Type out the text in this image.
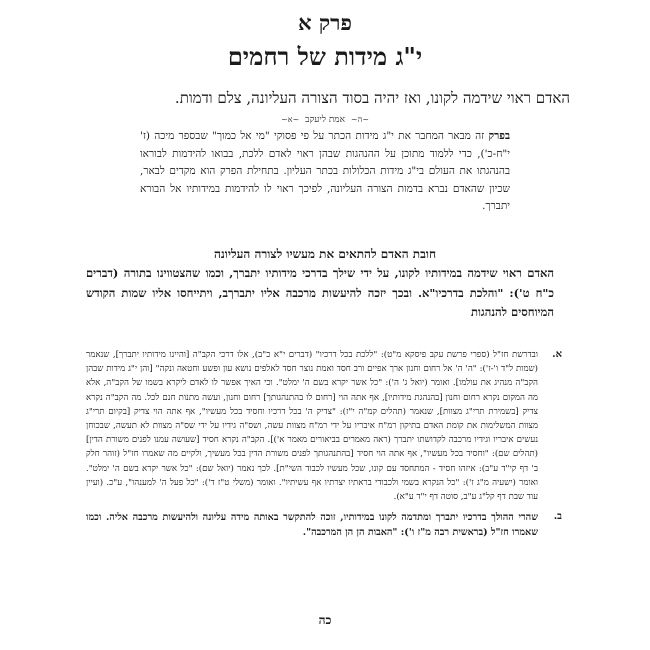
פרק א
י"ג מידות של רחמים
האדם ראוי שידמה לקונו, ואז יהיה בסוד הצורה העליונה, צלם ודמות.
~ה~ אמת ליעקב ~א~
בפרק זה מבאר המחבר את י"ג מידות הכתר על פי פסוקי "מי אל כמוך" שבספר מיכה (ז' י"ח-כ'), כדי ללמוד מתוכן על ההנהגות שבהן ראוי לאדם ללכת, בבואו להידמות לבוראו בהנהגתו את העולם בי"ג מידות הכלולות בכתר העליון. בתחילת הפרק הוא מקדים לבאר, שכיון שהאדם נברא בדמות הצורה העליונה, לפיכך ראוי לו להידמות במידותיו אל הבורא יתברך.
חובת האדם להתאים את מעשיו לצורה העליונה
האדם ראוי שידמה במידותיו לקונו, על ידי שילך בדרכי מידותיו יתברך, וכמו שהצטווינו בתורה (דברים כ"ח ט'): "והלכת בדרכיו"א. ובכך יזכה להיעשות מרכבה אליו יתברךב, ויתייחסו אליו שמות הקודש המיוחסים להנהגות

א.
ובדרשת חז"ל (ספרי פרשת עקב פיסקא מ"ט): "ללכת בכל דרכיו" (דברים י"א כ"ב), אלו דרכי הקב"ה [והיינו מידותיו יתברך], שנאמר (שמות ל"ד ו'-ז'): "ה' ה' אל רחום וחנון ארך אפיים ורב חסד ואמת נוצר חסד לאלפים נושא עון ופשע וחטאה ונקה" [והן י"ג מידות שבהן הקב"ה מנהיג את עולמו]. ואומר (יואל ג' ה'): "כל אשר יקרא בשם ה' ימלט". וכי האיך אפשר לו לאדם ליקרא בשמו של הקב"ה, אלא מה המקום נקרא רחום וחנון [בהנהגת מידותיו], אף אתה הוי [רחום לו בהתנהגותך] רחום וחנון, ועשה מתנות חנם לכל. מה הקב"ה נקרא צדיק [בשמירת תרי"ג מצוות], שנאמר (תהלים קמ"ה י"ז): "צדיק ה' בכל דרכיו וחסיד בכל מעשיו", אף אתה הוי צדיק [בקיום תרי"ג מצוות המשלימות את קומת האדם בתיקון רמ"ח איבריו על ידי רמ"ח מצוות עשה, ושס"ה גידיו על ידי שס"ה מצוות לא תעשה, שבכוחן נעשים איבריו וגידיו מרכבה לקדושתו יתברך (ראה מאמרים בביאורים מאמר א')]. הקב"ה נקרא חסיד [שעושה עמנו לפנים משורת הדין] (תהלים שם): "וחסיד בכל מעשיו", אף אתה הוי חסיד [בהתנהגותך לפנים משורת הדין בכל מעשיך, ולקיים מה שאמרו חז"ל (זוהר חלק ב' דף קי"ד ע"ב): איזהו חסיד - המתחסד עם קונו, שכל מעשיו לכבוד השי"ת]. לכך נאמר (יואל שם): "כל אשר יקרא בשם ה' ימלט". ואומר (ישעיה מ"ג ז'): "כל הנקרא בשמי ולכבודי בראתיו יצרתיו אף עשיתיו". ואומר (משלי ט"ז ד'): "כל פעל ה' למענהו", ע"כ. (ועיין עוד שבת דף קל"ג ע"ב, סוטה דף י"ד ע"א).

ב.
שהרי ההולך בדרכיו יתברך ומתדמה לקונו במידותיו, זוכה להתקשר באותה מידה עליונה ולהיעשות מרכבה אליה. וכמו שאמרו חז"ל (בראשית רבה מ"ז ו'): "האבות הן הן המרכבה".

כה
